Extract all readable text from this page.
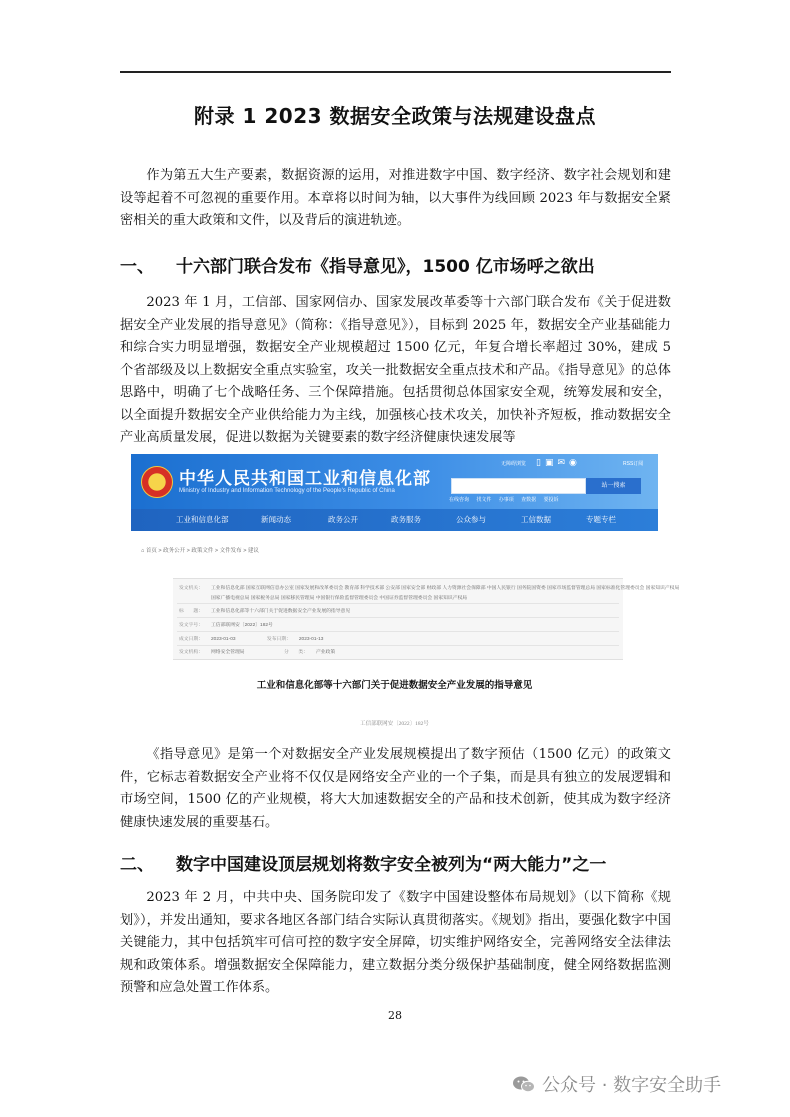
附录 1 2023 数据安全政策与法规建设盘点

作为第五大生产要素，数据资源的运用，对推进数字中国、数字经济、数字社会规划和建设等起着不可忽视的重要作用。本章将以时间为轴，以大事件为线回顾 2023 年与数据安全紧密相关的重大政策和文件，以及背后的演进轨迹。

一、 十六部门联合发布《指导意见》，1500 亿市场呼之欲出

2023 年 1 月，工信部、国家网信办、国家发展改革委等十六部门联合发布《关于促进数据安全产业发展的指导意见》（简称：《指导意见》），目标到 2025 年，数据安全产业基础能力和综合实力明显增强，数据安全产业规模超过 1500 亿元，年复合增长率超过 30%，建成 5 个省部级及以上数据安全重点实验室，攻关一批数据安全重点技术和产品。《指导意见》的总体思路中，明确了七个战略任务、三个保障措施。包括贯彻总体国家安全观，统筹发展和安全，以全面提升数据安全产业供给能力为主线，加强核心技术攻关，加快补齐短板，推动数据安全产业高质量发展，促进以数据为关键要素的数字经济健康快速发展等

中华人民共和国工业和信息化部
Ministry of Industry and Information Technology of the People's Republic of China
无障碍浏览 ▯▣✉◉	RSS订阅
站一搜索
在线咨询 找文件 办事项 查数据 要投诉
工业和信息化部	新闻动态	政务公开	政务服务	公众参与	工信数据	专题专栏
⌂ 首页 > 政务公开 > 政策文件 > 文件发布 > 建议
发文机关： 工业和信息化部 国家互联网信息办公室 国家发展和改革委员会 教育部 科学技术部 公安部 国家安全部 财政部 人力资源社会保障部 中国人民银行 国务院国资委 国家市场监督管理总局 国家标准化管理委员会 国家知识产权局
国家广播电视总局 国家税务总局 国家移民管理局 中国银行保险监督管理委员会 中国证券监督管理委员会 国家知识产权局
标　　题： 工业和信息化部等十六部门关于促进数据安全产业发展的指导意见
发文字号： 工信部联网安〔2022〕182号
成文日期： 2023-01-03	发布日期： 2023-01-13
发文机构： 网络安全管理局	分　　类： 产业政策
工业和信息化部等十六部门关于促进数据安全产业发展的指导意见
工信部联网安〔2022〕182号

《指导意见》是第一个对数据安全产业发展规模提出了数字预估（1500 亿元）的政策文件，它标志着数据安全产业将不仅仅是网络安全产业的一个子集，而是具有独立的发展逻辑和市场空间，1500 亿的产业规模，将大大加速数据安全的产品和技术创新，使其成为数字经济健康快速发展的重要基石。

二、 数字中国建设顶层规划将数字安全被列为“两大能力”之一

2023 年 2 月，中共中央、国务院印发了《数字中国建设整体布局规划》（以下简称《规划》），并发出通知，要求各地区各部门结合实际认真贯彻落实。《规划》指出，要强化数字中国关键能力，其中包括筑牢可信可控的数字安全屏障，切实维护网络安全，完善网络安全法律法规和政策体系。增强数据安全保障能力，建立数据分类分级保护基础制度，健全网络数据监测预警和应急处置工作体系。

28
公众号 · 数字安全助手
